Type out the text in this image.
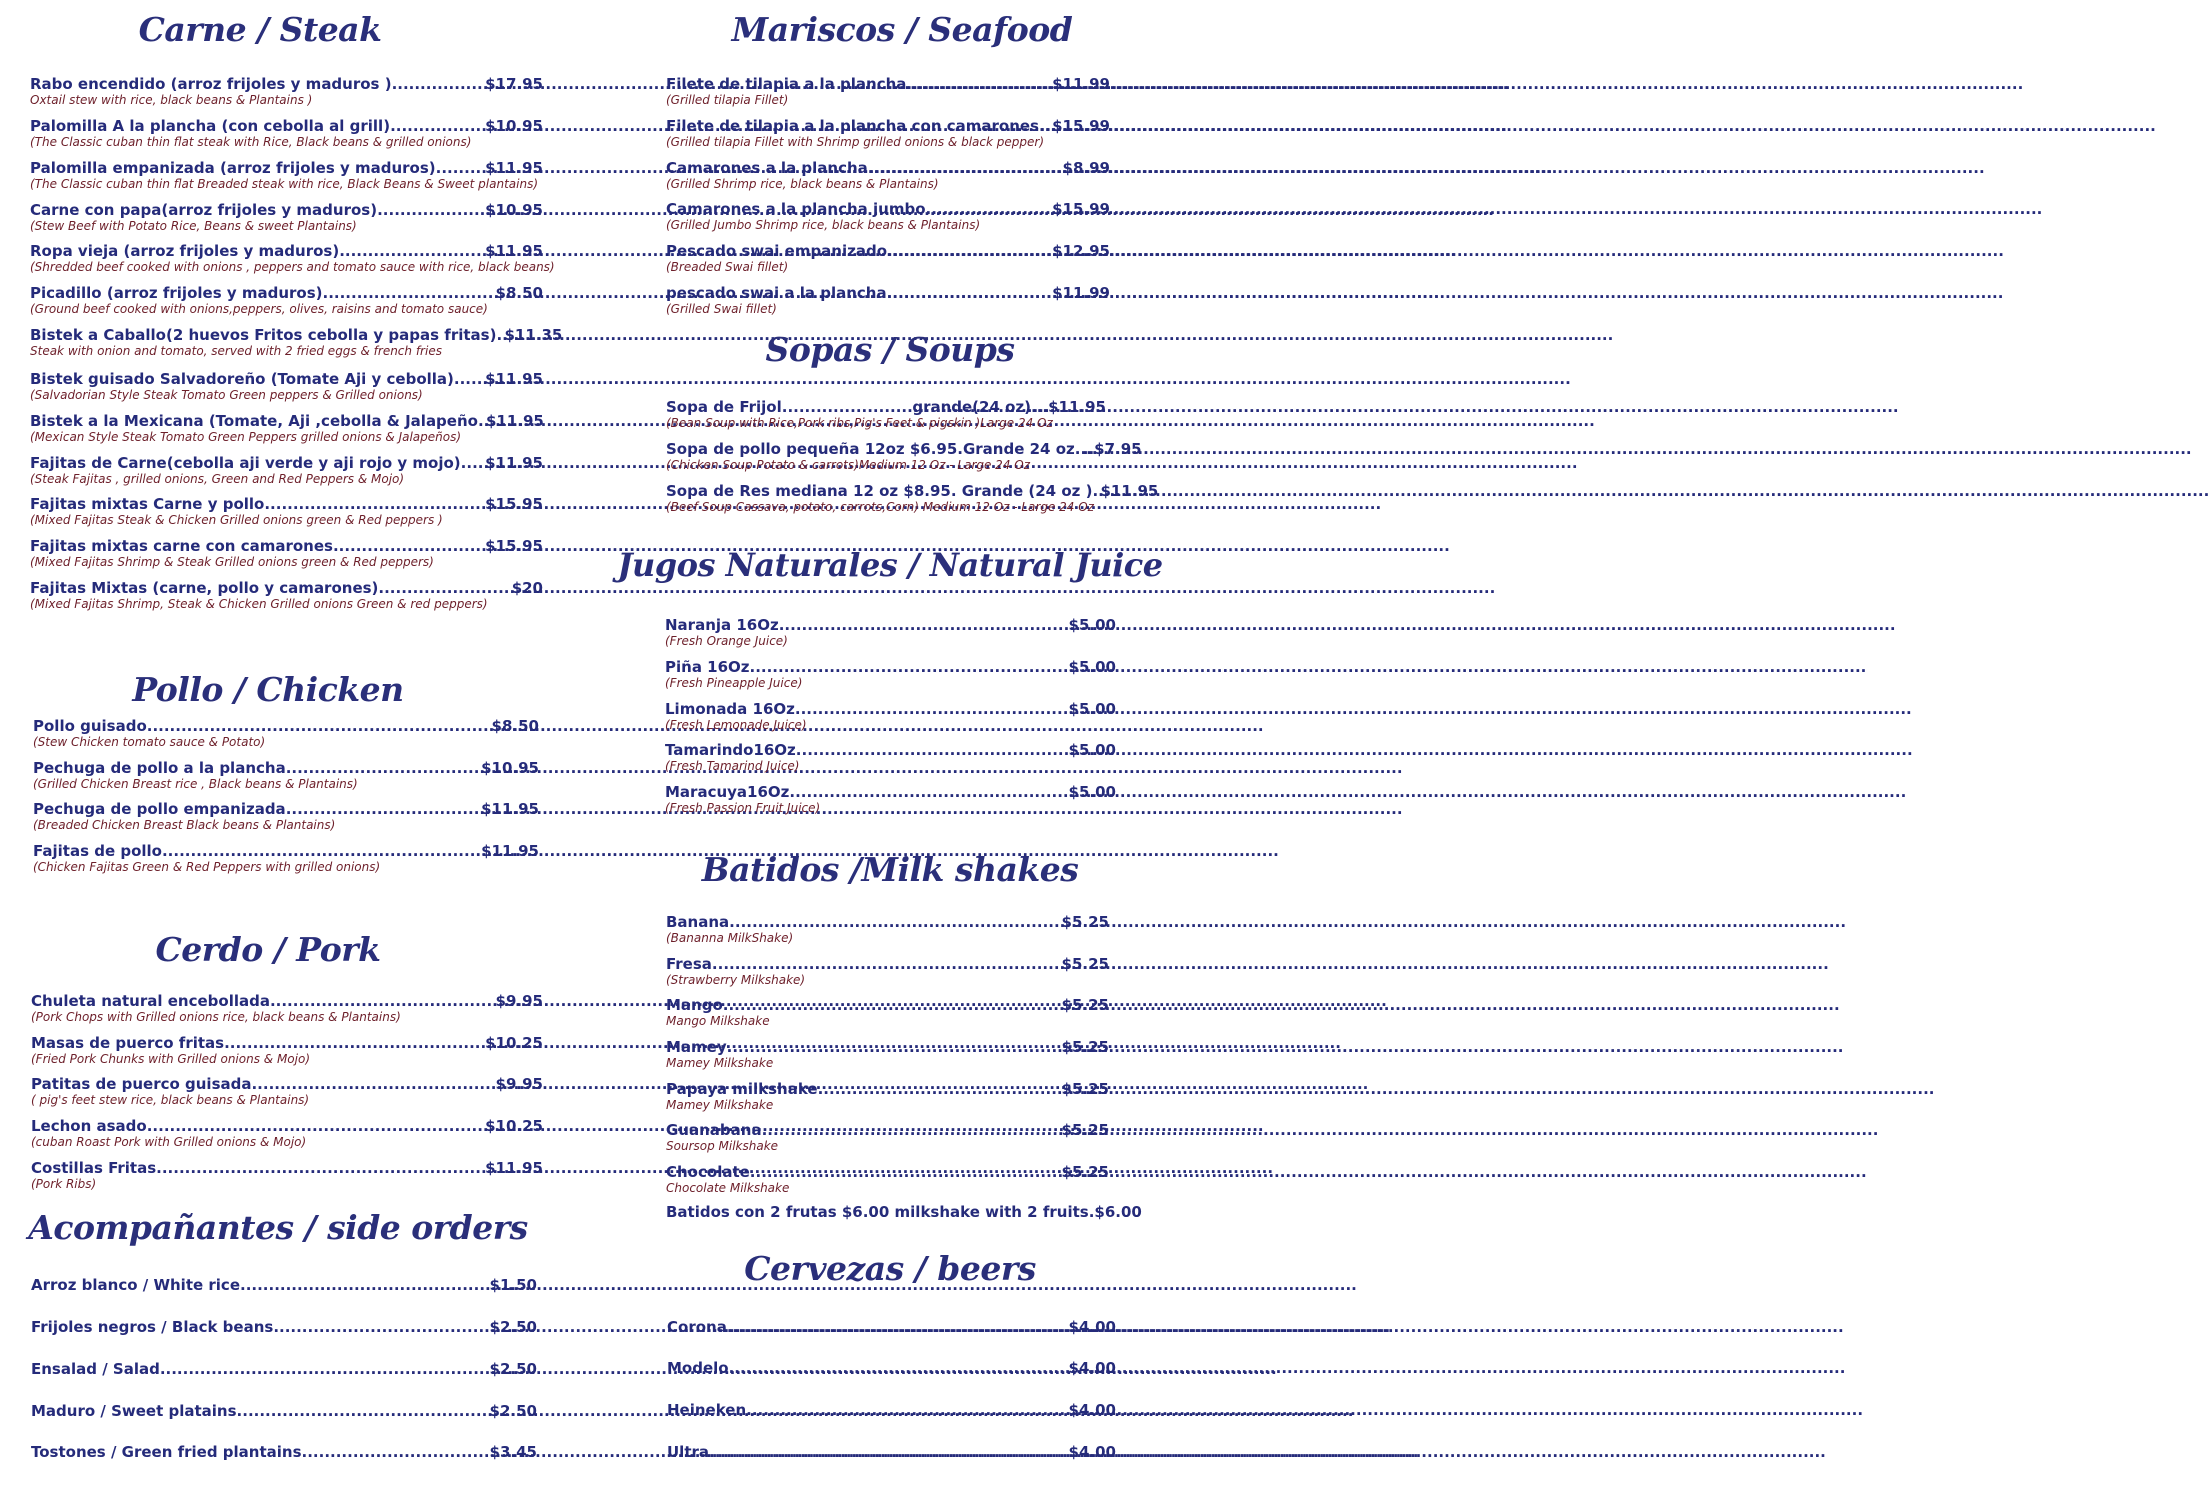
Carne / Steak
Rabo encendido (arroz frijoles y maduros ) .....	$17.95
Oxtail stew with rice, black beans & Plantains )
Palomilla A la plancha (con cebolla al grill) .....	$10.95
(The Classic cuban thin flat steak with Rice, Black beans & grilled onions)
Palomilla empanizada (arroz frijoles y maduros) .....	$11.95
(The Classic cuban thin flat Breaded steak with rice, Black Beans & Sweet plantains)
Carne con papa(arroz frijoles y maduros) .....	$10.95
(Stew Beef with Potato Rice, Beans & sweet Plantains)
Ropa vieja (arroz frijoles y maduros) .....	$11.95
(Shredded beef cooked with onions , peppers and tomato sauce with rice, black beans)
Picadillo (arroz frijoles y maduros) .....	$8.50
(Ground beef cooked with onions,peppers, olives, raisins and tomato sauce)
Bistek a Caballo(2 huevos Fritos cebolla y papas fritas) ..... $11.35
Steak with onion and tomato, served with 2 fried eggs & french fries
Bistek guisado Salvadoreño (Tomate Aji y cebolla) ..... $11.95
(Salvadorian Style Steak Tomato Green peppers & Grilled onions)
Bistek a la Mexicana (Tomate, Aji ,cebolla & Jalapeño ..... $11.95
(Mexican Style Steak Tomato Green Peppers grilled onions & Jalapeños)
Fajitas de Carne(cebolla aji verde y aji rojo y mojo) ..... $11.95
(Steak Fajitas , grilled onions, Green and Red Peppers & Mojo)
Fajitas mixtas Carne y pollo .....	$15.95
(Mixed Fajitas Steak & Chicken Grilled onions green & Red peppers )
Fajitas mixtas carne con camarones .....	$15.95
(Mixed Fajitas Shrimp & Steak Grilled onions green & Red peppers)
Fajitas Mixtas (carne, pollo y camarones) .....	$20
(Mixed Fajitas Shrimp, Steak & Chicken Grilled onions Green & red peppers)
Pollo / Chicken
Pollo guisado .....	$8.50
(Stew Chicken tomato sauce & Potato)
Pechuga de pollo a la plancha .....	$10.95
(Grilled Chicken Breast rice , Black beans & Plantains)
Pechuga de pollo empanizada .....	$11.95
(Breaded Chicken Breast Black beans & Plantains)
Fajitas de pollo .....	$11.95
(Chicken Fajitas Green & Red Peppers with grilled onions)
Cerdo / Pork
Chuleta natural encebollada .....	$9.95
(Pork Chops with Grilled onions rice, black beans & Plantains)
Masas de puerco fritas .....	$10.25
(Fried Pork Chunks with Grilled onions & Mojo)
Patitas de puerco guisada .....	$9.95
( pig's feet stew rice, black beans & Plantains)
Lechon asado .....	$10.25
(cuban Roast Pork with Grilled onions & Mojo)
Costillas Fritas .....	$11.95
(Pork Ribs)
Acompañantes / side orders
Arroz blanco / White rice .....	$1.50
Frijoles negros / Black beans .....	$2.50
Ensalad / Salad .....	$2.50
Maduro / Sweet platains .....	$2.50
Tostones / Green fried plantains .....	$3.45
Mariscos / Seafood
Filete de tilapia a la plancha .....	$11.99
(Grilled tilapia Fillet)
Filete de tilapia a la plancha con camarones ..... $15.99
(Grilled tilapia Fillet with Shrimp grilled onions & black pepper)
Camarones a la plancha .....	$8.99
(Grilled Shrimp rice, black beans & Plantains)
Camarones a la plancha jumbo .....	$15.99
(Grilled Jumbo Shrimp rice, black beans & Plantains)
Pescado swai empanizado .....	$12.95
(Breaded Swai fillet)
pescado swai a la plancha .....	$11.99
(Grilled Swai fillet)
Sopas / Soups
Sopa de Frijol .....	grande(24 oz)...$11.95
(Bean Soup with Rice,Pork ribs,Pig's Feet & pigskin )Large 24 Oz
Sopa de pollo pequeña 12oz $6.95.Grande 24 oz ..... ..$7.95
(Chicken Soup Potato & carrots)Medium 12 Oz - Large 24 Oz
Sopa de Res mediana 12 oz $8.95. Grande (24 oz ) ..... $11.95
(Beef Soup Cassava, potato, carrots,Corn) Medium 12 Oz - Large 24 Oz
Jugos Naturales / Natural Juice
Naranja 16Oz .....	$5.00
(Fresh Orange Juice)
Piña 16Oz .....	$5.00
(Fresh Pineapple Juice)
Limonada 16Oz .....	$5.00
(Fresh Lemonade Juice)
Tamarindo16Oz .....	$5.00
(Fresh Tamarind Juice)
Maracuya16Oz .....	$5.00
(Fresh Passion Fruit Juice)
Batidos /Milk shakes
Banana .....	$5.25
(Bananna MilkShake)
Fresa .....	$5.25
(Strawberry Milkshake)
Mango .....	$5.25
Mango Milkshake
Mamey .....	$5.25
Mamey Milkshake
Papaya milkshake .....	$5.25
Mamey Milkshake
Guanabana .....	$5.25
Soursop Milkshake
Chocolate .....	$5.25
Chocolate Milkshake
Batidos con 2 frutas $6.00 milkshake with 2 fruits.$6.00
Cervezas / beers
Corona .....	$4.00
Modelo .....	$4.00
Heineken .....	$4.00
Ultra .....	$4.00
